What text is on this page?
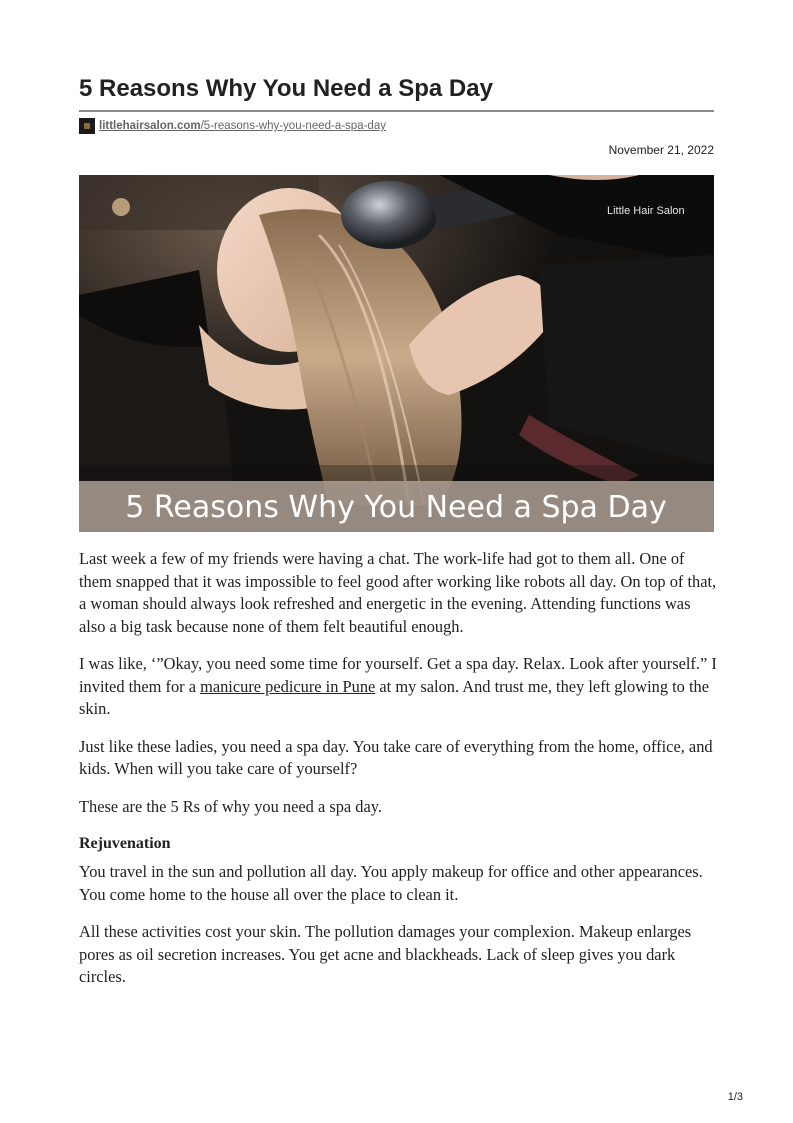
5 Reasons Why You Need a Spa Day
littlehairsalon.com/5-reasons-why-you-need-a-spa-day
November 21, 2022
Little Hair Salon
5 Reasons Why You Need a Spa Day

Last week a few of my friends were having a chat. The work-life had got to them all. One of them snapped that it was impossible to feel good after working like robots all day. On top of that, a woman should always look refreshed and energetic in the evening. Attending functions was also a big task because none of them felt beautiful enough.

I was like, ‘”Okay, you need some time for yourself. Get a spa day. Relax. Look after yourself.” I invited them for a manicure pedicure in Pune at my salon. And trust me, they left glowing to the skin.

Just like these ladies, you need a spa day. You take care of everything from the home, office, and kids. When will you take care of yourself?

These are the 5 Rs of why you need a spa day.

Rejuvenation

You travel in the sun and pollution all day. You apply makeup for office and other appearances. You come home to the house all over the place to clean it.

All these activities cost your skin. The pollution damages your complexion. Makeup enlarges pores as oil secretion increases. You get acne and blackheads. Lack of sleep gives you dark circles.

1/3
